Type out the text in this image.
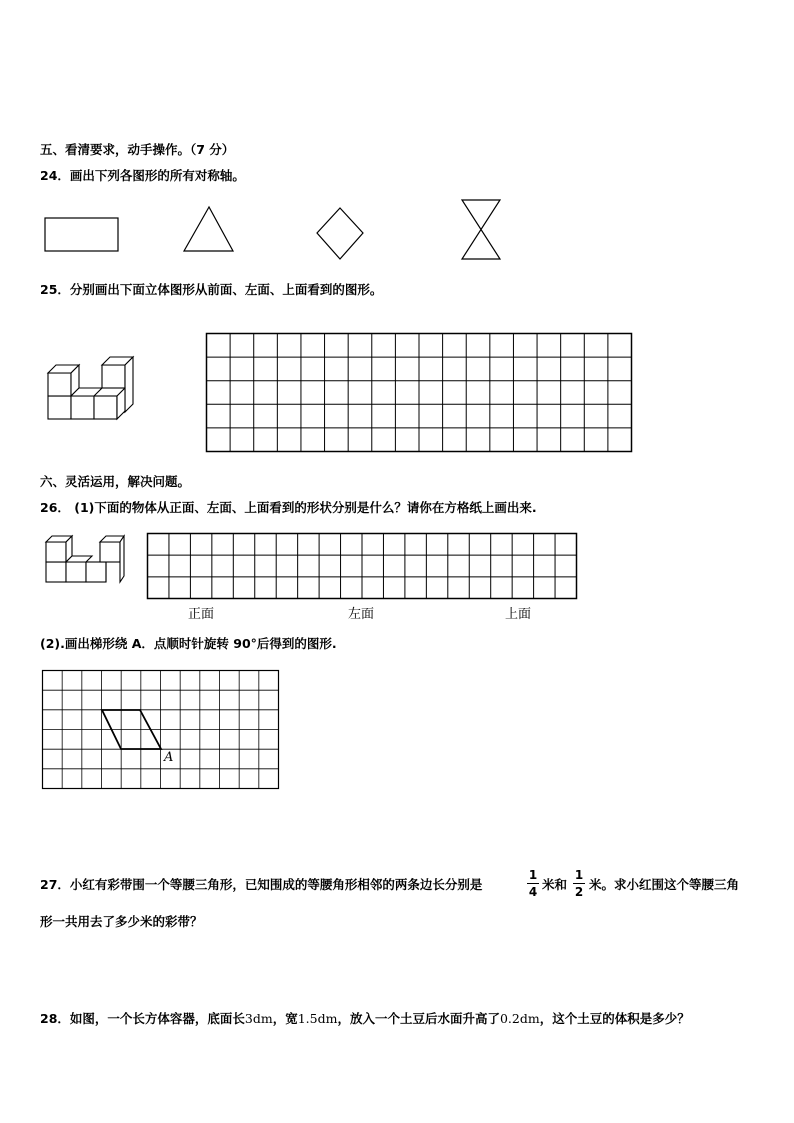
五、看清要求，动手操作。（7 分）
24．画出下列各图形的所有对称轴。
25．分别画出下面立体图形从前面、左面、上面看到的图形。
六、灵活运用，解决问题。
26． (1)下面的物体从正面、左面、上面看到的形状分别是什么？请你在方格纸上画出来.
正面	左面	上面
(2).画出梯形绕 A．点顺时针旋转 90°后得到的图形.
A
27．小红有彩带围一个等腰三角形，已知围成的等腰角形相邻的两条边长分别是
1
4 米和
1
2 米。求小红围这个等腰三角
形一共用去了多少米的彩带？
28．如图，一个长方体容器，底面长3dm，宽1.5dm，放入一个土豆后水面升高了0.2dm，这个土豆的体积是多少？
